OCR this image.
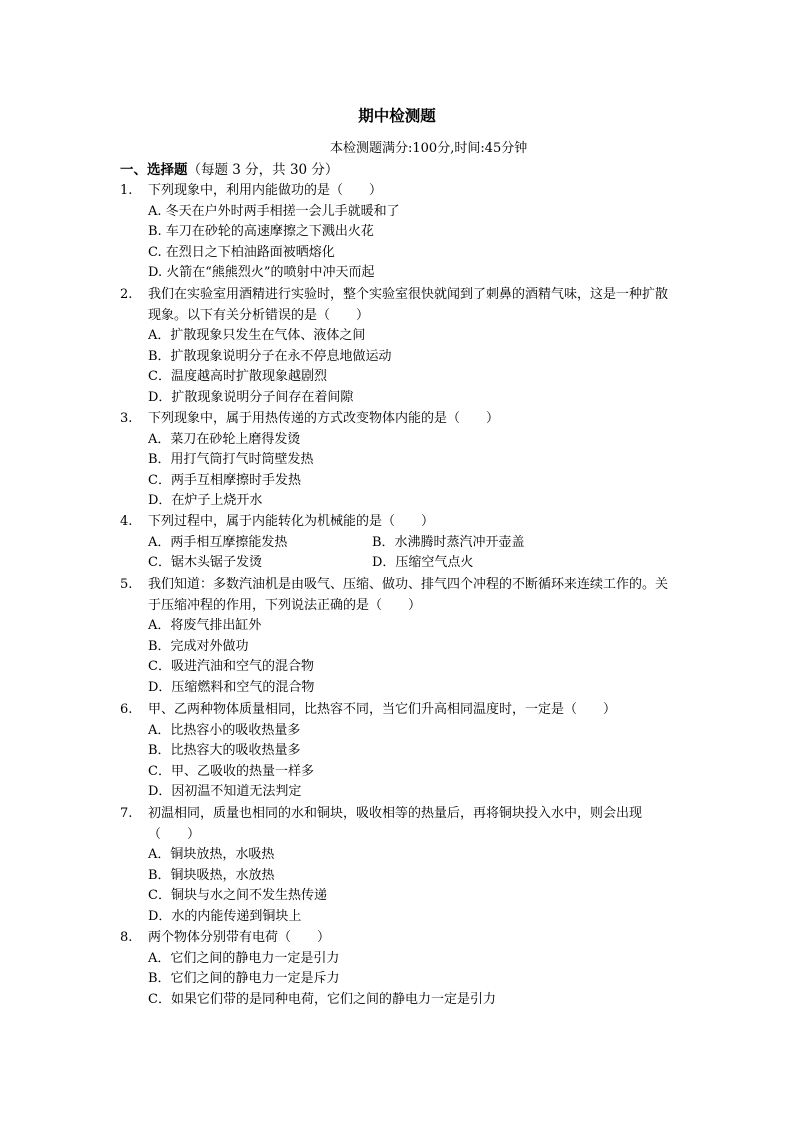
期中检测题
本检测题满分:100分,时间:45分钟
一、选择题（每题 3 分，共 30 分）
1.	下列现象中，利用内能做功的是（　　）
A. 冬天在户外时两手相搓一会儿手就暖和了
B. 车刀在砂轮的高速摩擦之下溅出火花
C. 在烈日之下柏油路面被晒熔化
D. 火箭在“熊熊烈火”的喷射中冲天而起
2.	我们在实验室用酒精进行实验时，整个实验室很快就闻到了刺鼻的酒精气味，这是一种扩散现象。以下有关分析错误的是（　　）
A．扩散现象只发生在气体、液体之间
B．扩散现象说明分子在永不停息地做运动
C．温度越高时扩散现象越剧烈
D．扩散现象说明分子间存在着间隙
3.	下列现象中，属于用热传递的方式改变物体内能的是（　　）
A．菜刀在砂轮上磨得发烫
B．用打气筒打气时筒壁发热
C．两手互相摩擦时手发热
D．在炉子上烧开水
4.	下列过程中，属于内能转化为机械能的是（　　）
A．两手相互摩擦能发热	B．水沸腾时蒸汽冲开壶盖
C．锯木头锯子发烫	D．压缩空气点火
5.	我们知道：多数汽油机是由吸气、压缩、做功、排气四个冲程的不断循环来连续工作的。关于压缩冲程的作用，下列说法正确的是（　　）
A．将废气排出缸外
B．完成对外做功
C．吸进汽油和空气的混合物
D．压缩燃料和空气的混合物
6.	甲、乙两种物体质量相同，比热容不同，当它们升高相同温度时，一定是（　　）
A．比热容小的吸收热量多
B．比热容大的吸收热量多
C．甲、乙吸收的热量一样多
D．因初温不知道无法判定
7.	初温相同，质量也相同的水和铜块，吸收相等的热量后，再将铜块投入水中，则会出现（　　）
A．铜块放热，水吸热
B．铜块吸热，水放热
C．铜块与水之间不发生热传递
D．水的内能传递到铜块上
8.	两个物体分别带有电荷（　　）
A．它们之间的静电力一定是引力
B．它们之间的静电力一定是斥力
C．如果它们带的是同种电荷，它们之间的静电力一定是引力
